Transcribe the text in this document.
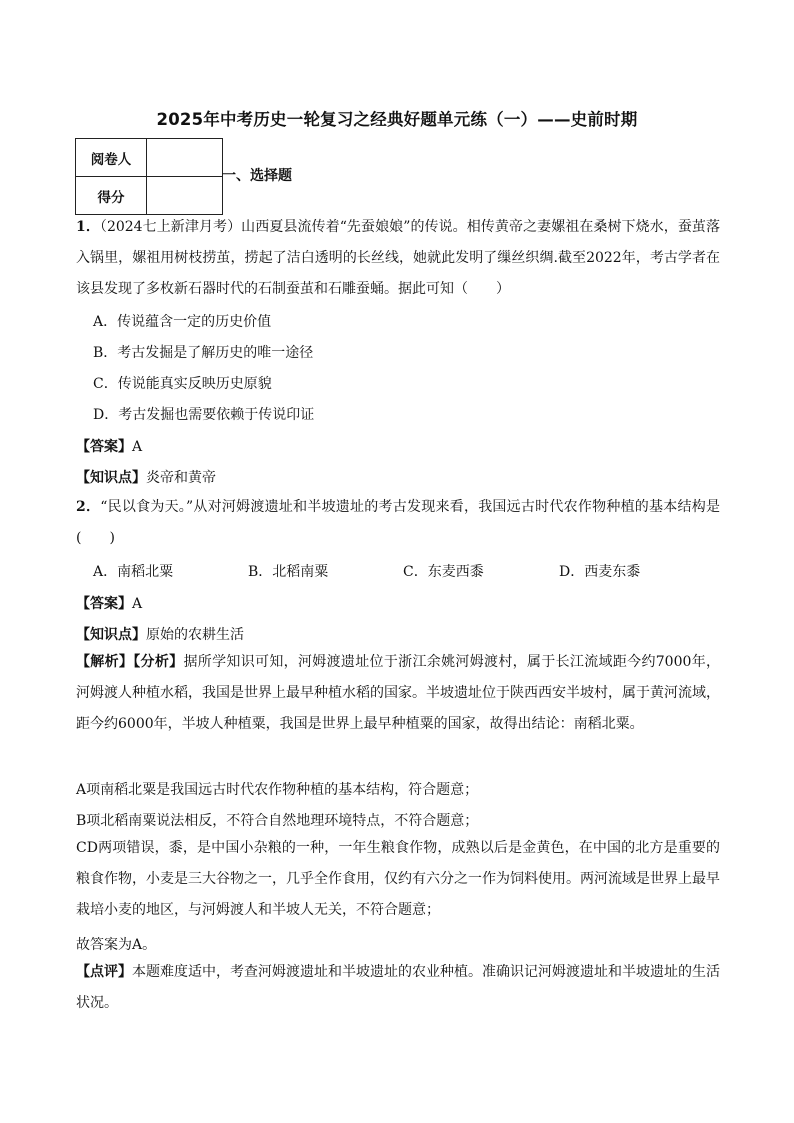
2025年中考历史一轮复习之经典好题单元练（一）——史前时期
阅卷人	
得分	
一、选择题
1．（2024七上新津月考）山西夏县流传着“先蚕娘娘”的传说。相传黄帝之妻嫘祖在桑树下烧水，蚕茧落入锅里，嫘祖用树枝捞茧，捞起了洁白透明的长丝线，她就此发明了缫丝织绸.截至2022年，考古学者在该县发现了多枚新石器时代的石制蚕茧和石雕蚕蛹。据此可知（　　）
A．传说蕴含一定的历史价值
B．考古发掘是了解历史的唯一途径
C．传说能真实反映历史原貌
D．考古发掘也需要依赖于传说印证
【答案】A
【知识点】炎帝和黄帝
2．“民以食为天。”从对河姆渡遗址和半坡遗址的考古发现来看，我国远古时代农作物种植的基本结构是(　　)
A．南稻北粟	B．北稻南粟	C．东麦西黍	D．西麦东黍
【答案】A
【知识点】原始的农耕生活
【解析】【分析】据所学知识可知，河姆渡遗址位于浙江余姚河姆渡村，属于长江流域距今约7000年，河姆渡人种植水稻，我国是世界上最早种植水稻的国家。半坡遗址位于陕西西安半坡村，属于黄河流域，距今约6000年，半坡人种植粟，我国是世界上最早种植粟的国家，故得出结论：南稻北粟。
A项南稻北粟是我国远古时代农作物种植的基本结构，符合题意；
B项北稻南粟说法相反，不符合自然地理环境特点，不符合题意；
CD两项错误，黍，是中国小杂粮的一种，一年生粮食作物，成熟以后是金黄色，在中国的北方是重要的粮食作物，小麦是三大谷物之一，几乎全作食用，仅约有六分之一作为饲料使用。两河流域是世界上最早栽培小麦的地区，与河姆渡人和半坡人无关，不符合题意；
故答案为A。
【点评】本题难度适中，考查河姆渡遗址和半坡遗址的农业种植。准确识记河姆渡遗址和半坡遗址的生活状况。
